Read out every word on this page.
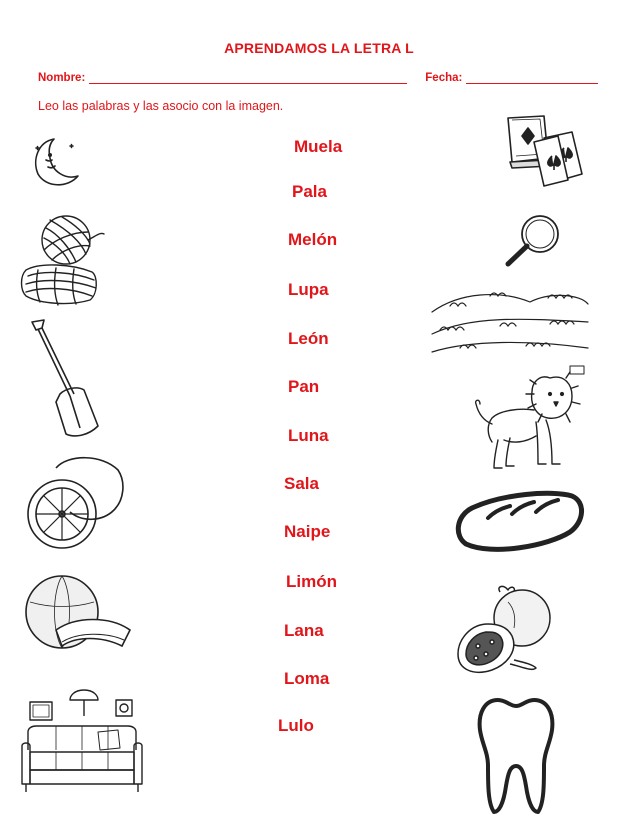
APRENDAMOS LA LETRA L
Nombre:	Fecha:
Leo las palabras y las asocio con la imagen.
Muela
Pala
Melón
Lupa
León
Pan
Luna
Sala
Naipe
Limón
Lana
Loma
Lulo
